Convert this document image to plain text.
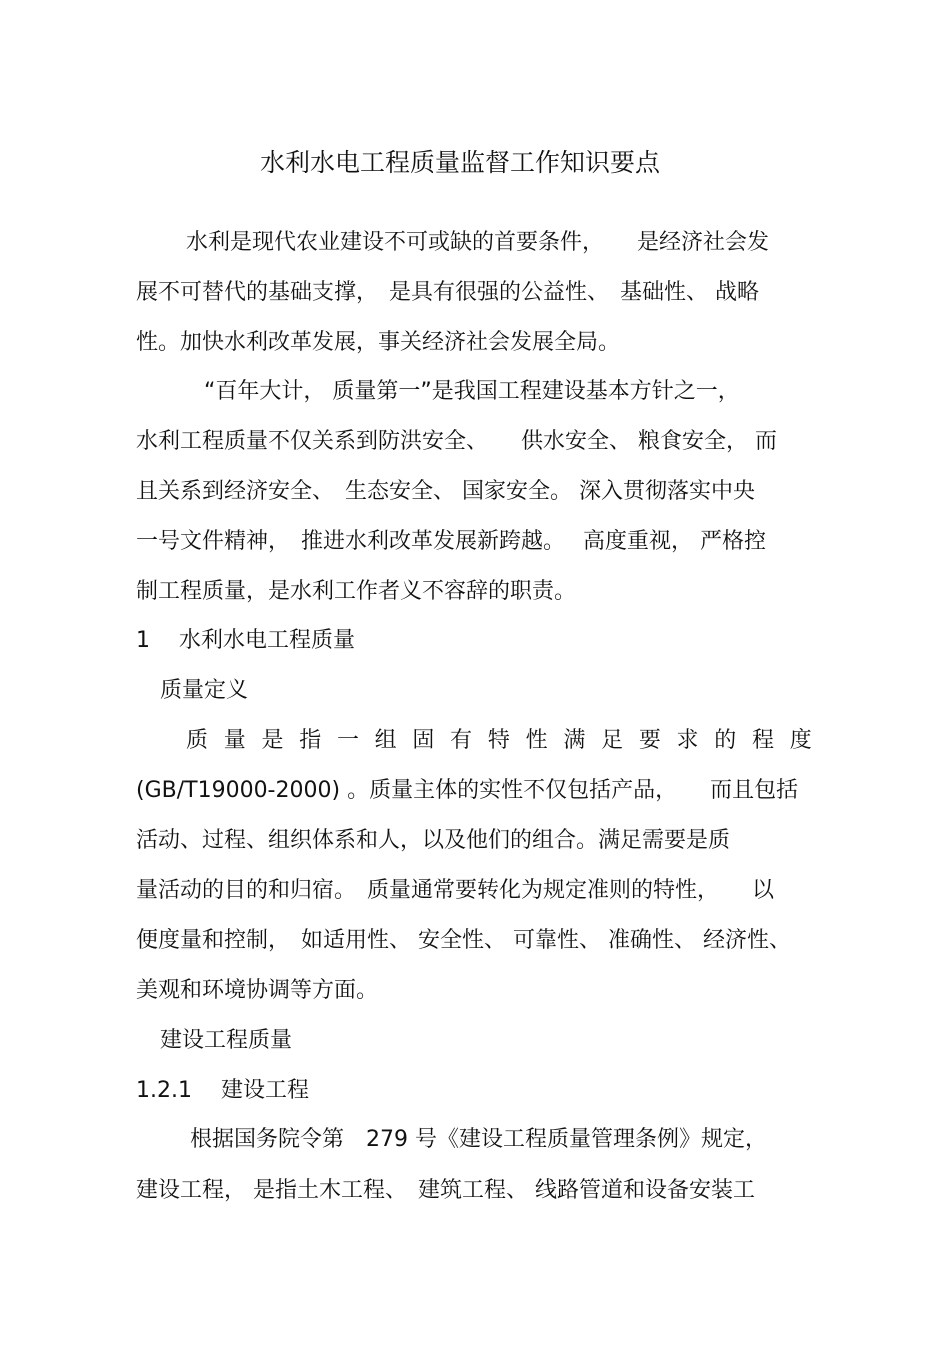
水利水电工程质量监督工作知识要点
水利是现代农业建设不可或缺的首要条件，　　是经济社会发
展不可替代的基础支撑，　是具有很强的公益性、　基础性、 战略
性。加快水利改革发展，事关经济社会发展全局。
“百年大计， 质量第一”是我国工程建设基本方针之一，
水利工程质量不仅关系到防洪安全、　　供水安全、 粮食安全， 而
且关系到经济安全、　生态安全、 国家安全。 深入贯彻落实中央
一号文件精神，　推进水利改革发展新跨越。　 高度重视， 严格控
制工程质量，是水利工作者义不容辞的职责。
1　 水利水电工程质量
质量定义
质 量 是 指 一 组 固 有 特 性 满 足 要 求 的 程 度
(GB/T19000-2000) 。质量主体的实性不仅包括产品，　　而且包括
活动、过程、组织体系和人，以及他们的组合。满足需要是质
量活动的目的和归宿。　质量通常要转化为规定准则的特性，　　以
便度量和控制，　如适用性、 安全性、 可靠性、 准确性、 经济性、
美观和环境协调等方面。
建设工程质量
1.2.1　 建设工程
根据国务院令第　279 号《建设工程质量管理条例》规定，
建设工程， 是指土木工程、　建筑工程、 线路管道和设备安装工
